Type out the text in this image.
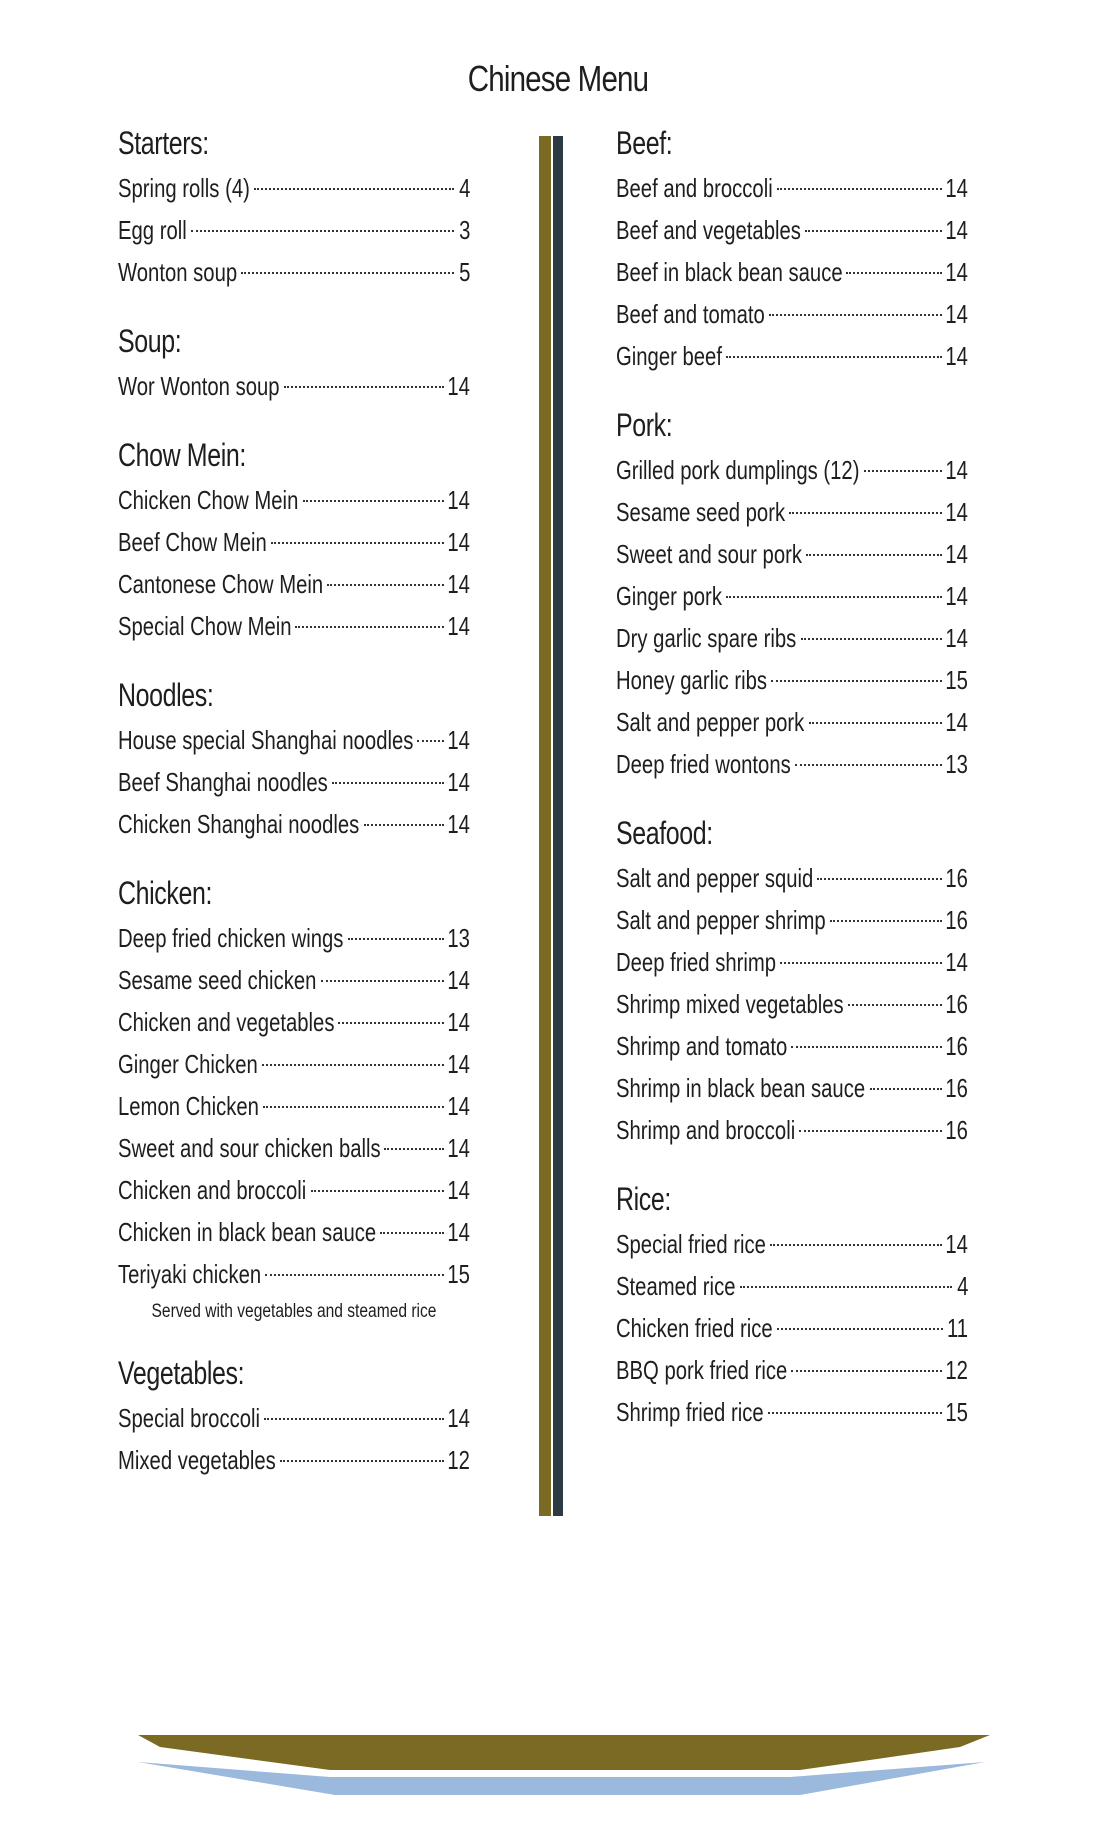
Chinese Menu
Starters:
Spring rolls (4)	4
Egg roll	3
Wonton soup	5
Soup:
Wor Wonton soup	14
Chow Mein:
Chicken Chow Mein	14
Beef Chow Mein	14
Cantonese Chow Mein	14
Special Chow Mein	14
Noodles:
House special Shanghai noodles 14
Beef Shanghai noodles	14
Chicken Shanghai noodles	14
Chicken:
Deep fried chicken wings	13
Sesame seed chicken	14
Chicken and vegetables	14
Ginger Chicken	14
Lemon Chicken	14
Sweet and sour chicken balls	14
Chicken and broccoli	14
Chicken in black bean sauce	14
Teriyaki chicken	15
Served with vegetables and steamed rice
Vegetables:
Special broccoli	14
Mixed vegetables	12
Beef:
Beef and broccoli	14
Beef and vegetables	14
Beef in black bean sauce	14
Beef and tomato	14
Ginger beef	14
Pork:
Grilled pork dumplings (12)	14
Sesame seed pork	14
Sweet and sour pork	14
Ginger pork	14
Dry garlic spare ribs	14
Honey garlic ribs	15
Salt and pepper pork	14
Deep fried wontons	13
Seafood:
Salt and pepper squid	16
Salt and pepper shrimp	16
Deep fried shrimp	14
Shrimp mixed vegetables	16
Shrimp and tomato	16
Shrimp in black bean sauce	16
Shrimp and broccoli	16
Rice:
Special fried rice	14
Steamed rice	4
Chicken fried rice	11
BBQ pork fried rice	12
Shrimp fried rice	15
